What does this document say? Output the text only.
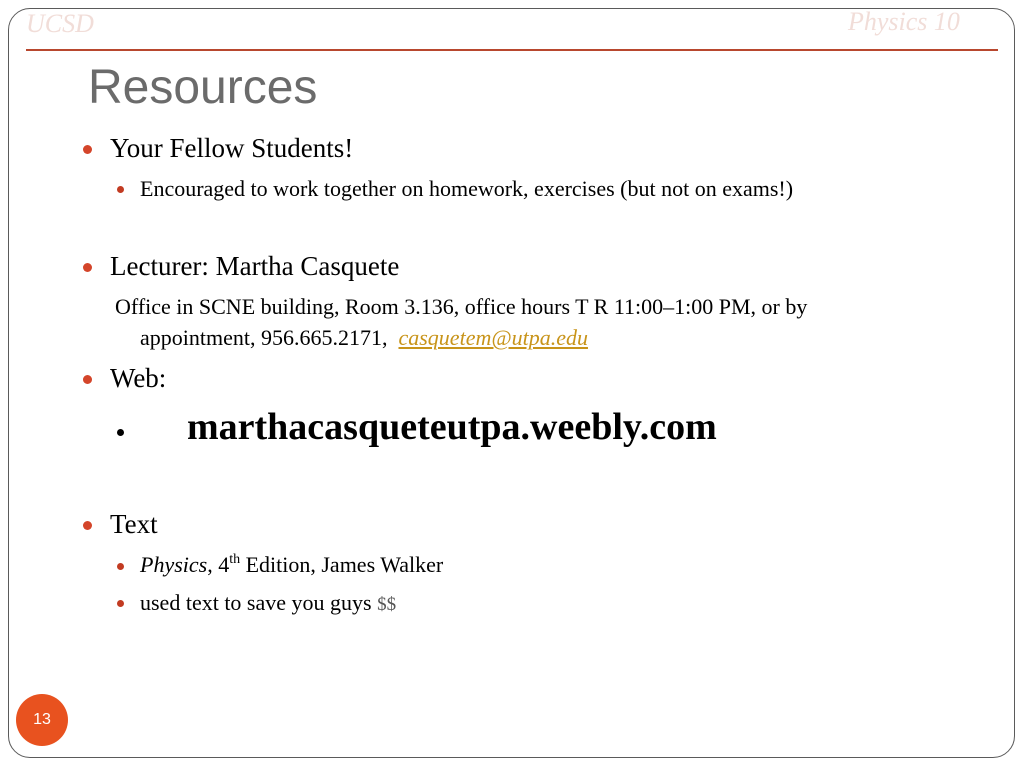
UCSD	Physics 10
Resources
Your Fellow Students!
Encouraged to work together on homework, exercises (but not on exams!)
Lecturer: Martha Casquete
Office in SCNE building, Room 3.136, office hours T R 11:00–1:00 PM, or by
appointment, 956.665.2171, casquetem@utpa.edu
Web:
marthacasqueteutpa.weebly.com
Text
Physics, 4th Edition, James Walker
used text to save you guys $$
13
